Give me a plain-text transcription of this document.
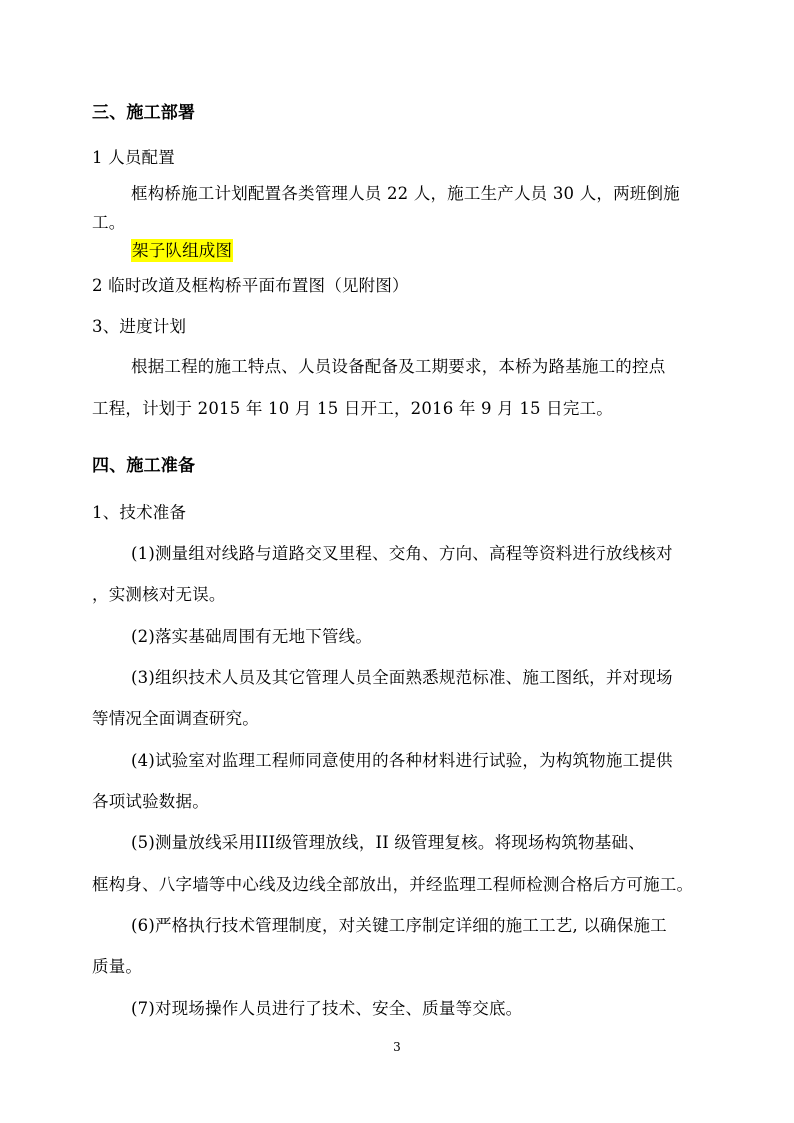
三、施工部署
1 人员配置
框构桥施工计划配置各类管理人员 22 人，施工生产人员 30 人，两班倒施
工。
架子队组成图
2 临时改道及框构桥平面布置图（见附图）
3、进度计划
根据工程的施工特点、人员设备配备及工期要求，本桥为路基施工的控点
工程，计划于 2015 年 10 月 15 日开工，2016 年 9 月 15 日完工。
四、施工准备
1、技术准备
(1)测量组对线路与道路交叉里程、交角、方向、高程等资料进行放线核对
，实测核对无误。
(2)落实基础周围有无地下管线。
(3)组织技术人员及其它管理人员全面熟悉规范标准、施工图纸，并对现场
等情况全面调查研究。
(4)试验室对监理工程师同意使用的各种材料进行试验，为构筑物施工提供
各项试验数据。
(5)测量放线采用III级管理放线，II 级管理复核。将现场构筑物基础、
框构身、八字墙等中心线及边线全部放出，并经监理工程师检测合格后方可施工。
(6)严格执行技术管理制度，对关键工序制定详细的施工工艺, 以确保施工
质量。
(7)对现场操作人员进行了技术、安全、质量等交底。
3
